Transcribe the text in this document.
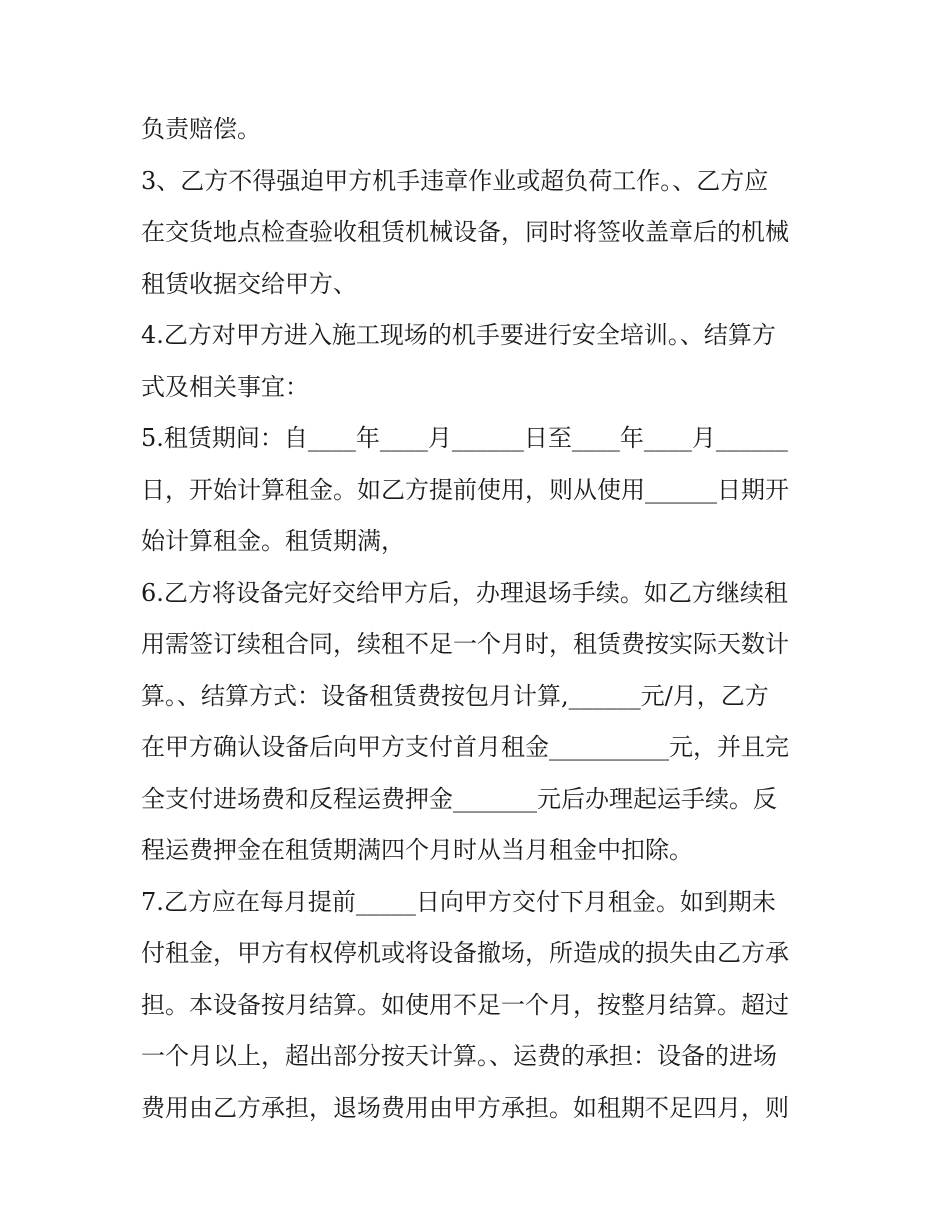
负责赔偿。
3、乙方不得强迫甲方机手违章作业或超负荷工作。、乙方应
在交货地点检查验收租赁机械设备，同时将签收盖章后的机械
租赁收据交给甲方、
4.乙方对甲方进入施工现场的机手要进行安全培训。、结算方
式及相关事宜：
5.租赁期间：自____年____月______日至____年____月______
日，开始计算租金。如乙方提前使用，则从使用______日期开
始计算租金。租赁期满，
6.乙方将设备完好交给甲方后，办理退场手续。如乙方继续租
用需签订续租合同，续租不足一个月时，租赁费按实际天数计
算。、结算方式：设备租赁费按包月计算,______元/月，乙方
在甲方确认设备后向甲方支付首月租金__________元，并且完
全支付进场费和反程运费押金_______元后办理起运手续。反
程运费押金在租赁期满四个月时从当月租金中扣除。
7.乙方应在每月提前_____日向甲方交付下月租金。如到期未
付租金，甲方有权停机或将设备撤场，所造成的损失由乙方承
担。本设备按月结算。如使用不足一个月，按整月结算。超过
一个月以上，超出部分按天计算。、运费的承担：设备的进场
费用由乙方承担，退场费用由甲方承担。如租期不足四月，则
